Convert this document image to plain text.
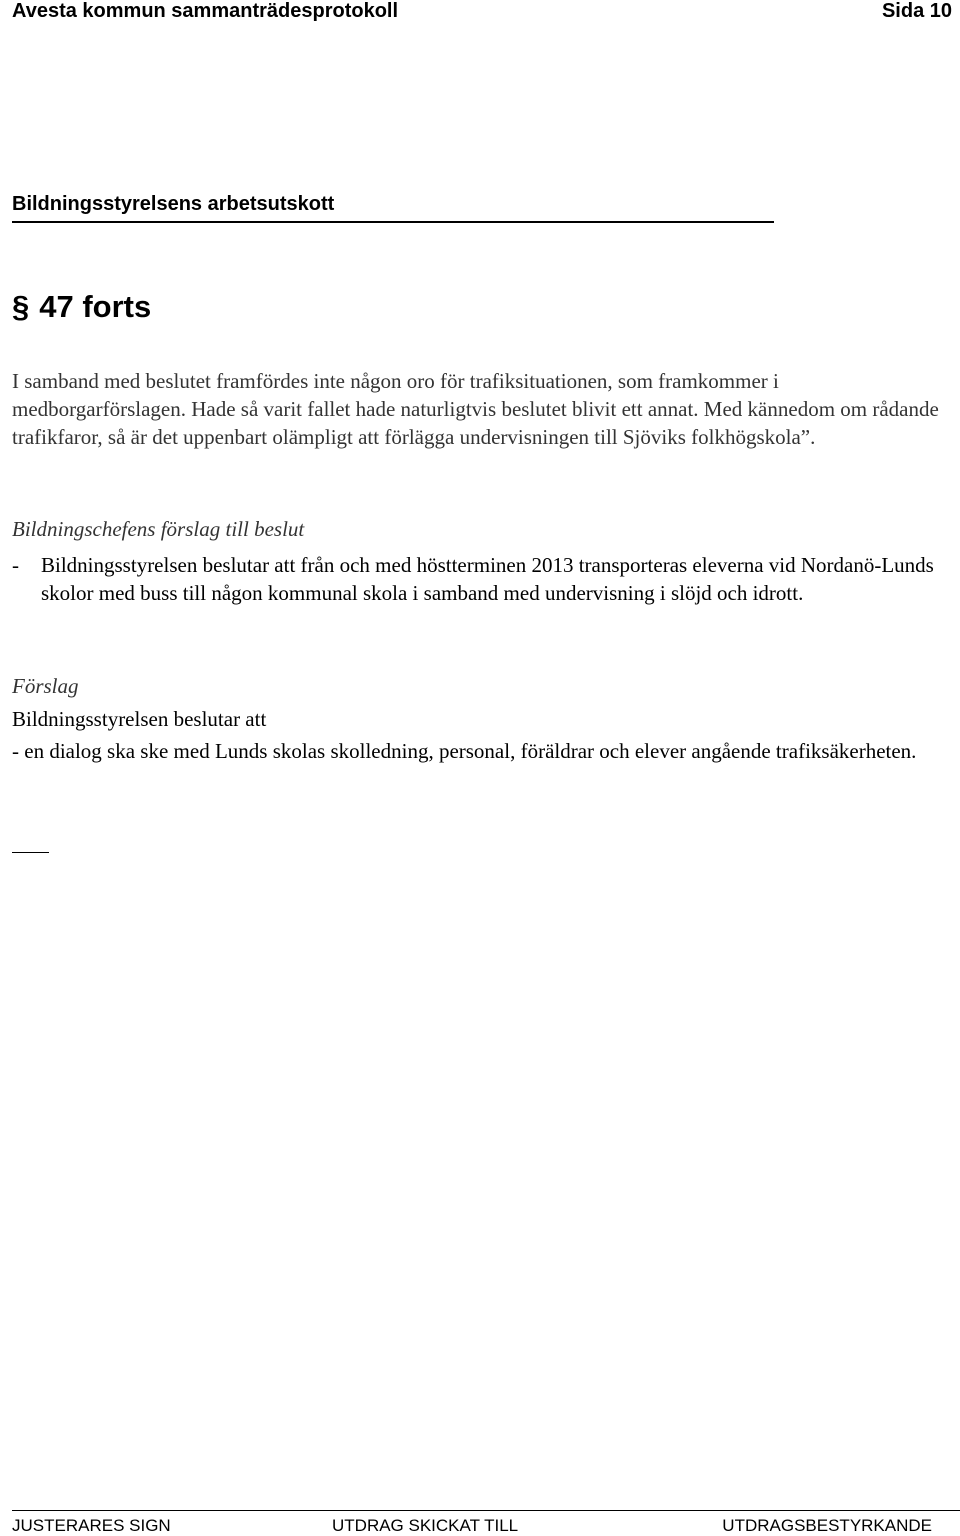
Avesta kommun sammanträdesprotokoll	Sida 10
Bildningsstyrelsens arbetsutskott
§ 47 forts
I samband med beslutet framfördes inte någon oro för trafiksituationen, som framkommer i medborgarförslagen. Hade så varit fallet hade naturligtvis beslutet blivit ett annat. Med kännedom om rådande trafikfaror, så är det uppenbart olämpligt att förlägga undervisningen till Sjöviks folkhögskola”.
Bildningschefens förslag till beslut
-	Bildningsstyrelsen beslutar att från och med höstterminen 2013 transporteras eleverna vid Nordanö-Lunds skolor med buss till någon kommunal skola i samband med undervisning i slöjd och idrott.
Förslag
Bildningsstyrelsen beslutar att
- en dialog ska ske med Lunds skolas skolledning, personal, föräldrar och elever angående trafiksäkerheten.
JUSTERARES SIGN	UTDRAG SKICKAT TILL	UTDRAGSBESTYRKANDE
